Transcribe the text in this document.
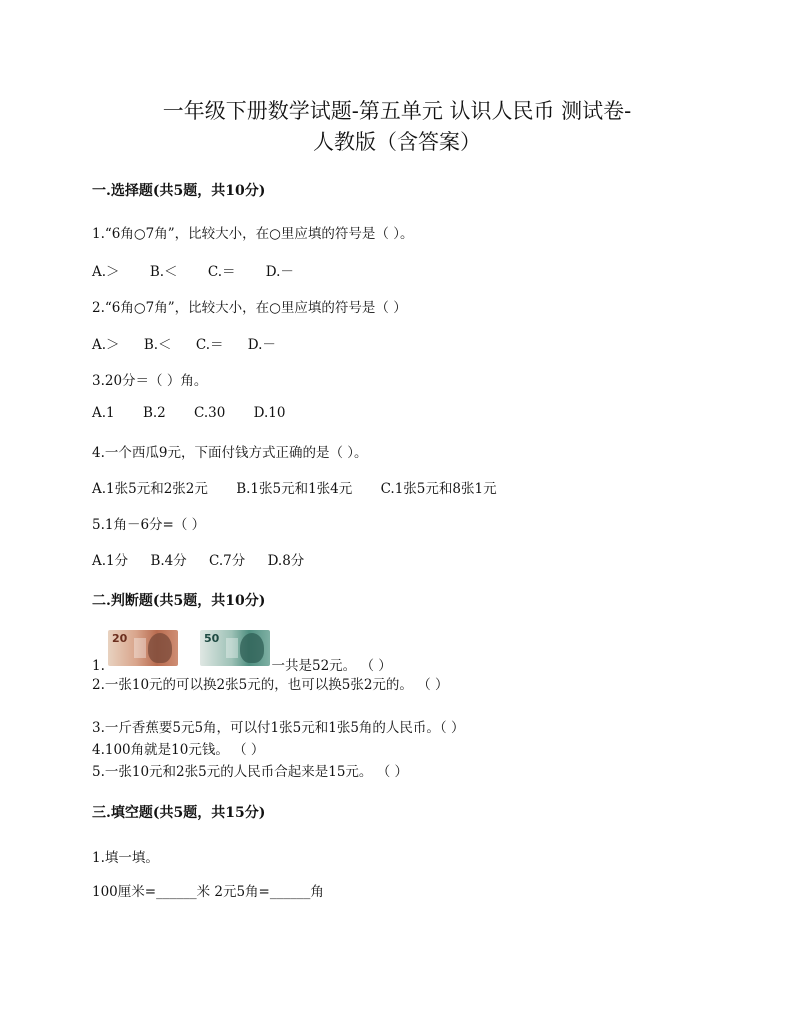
一年级下册数学试题-第五单元 认识人民币 测试卷-
人教版（含答案）
一.选择题(共5题，共10分)
1.“6角○7角”，比较大小，在○里应填的符号是（ ）。
A.＞ B.＜ C.＝ D.－
2.“6角○7角”，比较大小，在○里应填的符号是（ ）
A.＞ B.＜ C.＝ D.－
3.20分＝（ ）角。
A.1 B.2 C.30 D.10
4.一个西瓜9元，下面付钱方式正确的是（ ）。
A.1张5元和2张2元 B.1张5元和1张4元 C.1张5元和8张1元
5.1角－6分=（ ）
A.1分 B.4分 C.7分 D.8分
二.判断题(共5题，共10分)
20	50
1.	一共是52元。 （ ）
2.一张10元的可以换2张5元的，也可以换5张2元的。 （ ）
3.一斤香蕉要5元5角，可以付1张5元和1张5角的人民币。（ ）
4.100角就是10元钱。 （ ）
5.一张10元和2张5元的人民币合起来是15元。 （ ）
三.填空题(共5题，共15分)
1.填一填。
100厘米=______米 2元5角=______角
